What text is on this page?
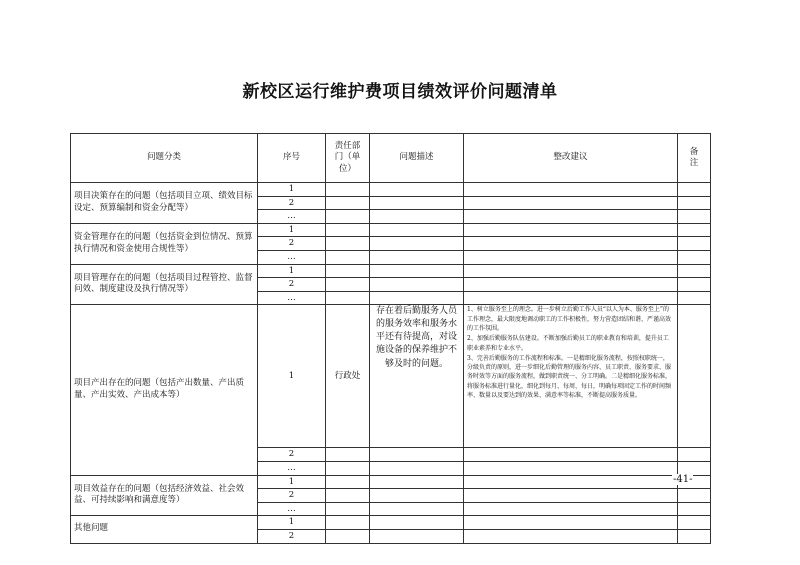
新校区运行维护费项目绩效评价问题清单
问题分类	序号	责任部门（单位）	问题描述	整改建议	备注
项目决策存在的问题（包括项目立项、绩效目标设定、预算编制和资金分配等）	1				
	2				
	…				
资金管理存在的问题（包括资金到位情况、预算执行情况和资金使用合规性等）	1				
	2				
	…				
项目管理存在的问题（包括项目过程管控、监督问效、制度建设及执行情况等）	1				
	2				
	…				
项目产出存在的问题（包括产出数量、产出质量、产出实效、产出成本等）	1	行政处	存在着后勤服务人员的服务效率和服务水平还有待提高，对设施设备的保养维护不够及时的问题。	1、树立服务至上的理念。进一步树立后勤工作人员“以人为本、服务至上”的工作理念，最大限度地调动职工的工作积极性，努力营造团结和谐、严谨高效的工作氛围。

2、加强后勤服务队伍建设。不断加强后勤员工的职业教育和培训，提升员工职业素养和专业水平。

3、完善后勤服务的工作流程和标准。一是精细化服务流程，按照权职统一，分级负责的原则，进一步细化后勤管理的服务内容、员工职责、服务要求、服务时效等方面的服务流程，做到职责统一、分工明确。二是精细化服务标准，将服务标准进行量化，细化到每月、每周、每日，明确每项固定工作的时间频率、数量以及要达到的效果、满意率等标准，不断提高服务质量。	

	2				
	…				
项目效益存在的问题（包括经济效益、社会效益、可持续影响和满意度等）	1				
	2				
	…				
其他问题	1				
	2				
-41-
